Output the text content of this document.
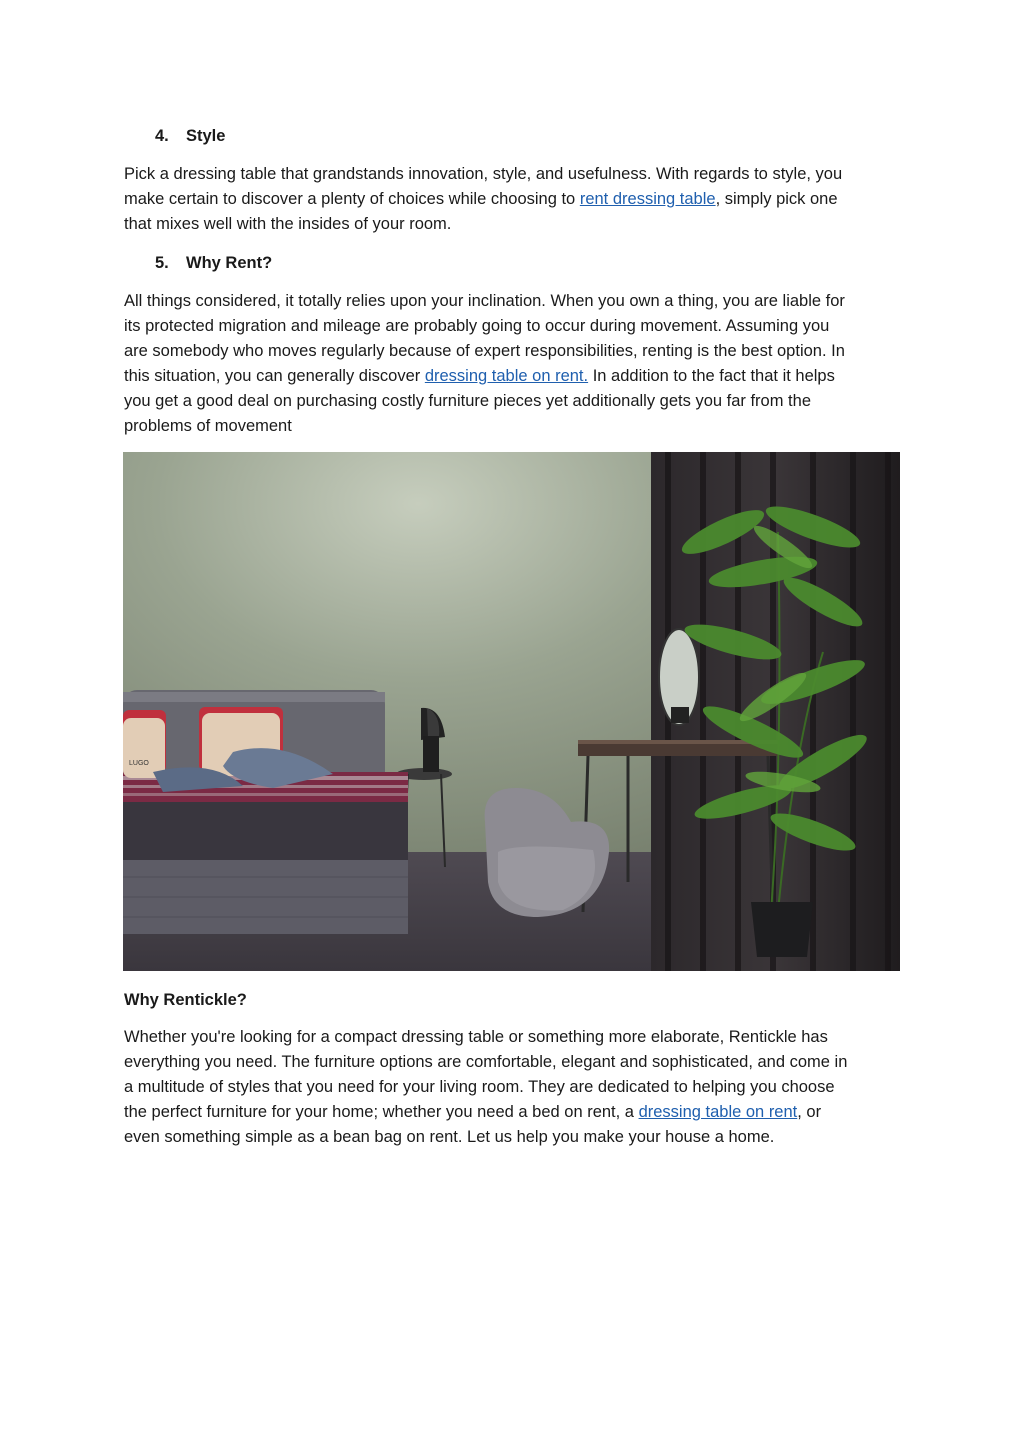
4. Style

Pick a dressing table that grandstands innovation, style, and usefulness. With regards to style, you
make certain to discover a plenty of choices while choosing to rent dressing table, simply pick one
that mixes well with the insides of your room.

5. Why Rent?

All things considered, it totally relies upon your inclination. When you own a thing, you are liable for
its protected migration and mileage are probably going to occur during movement. Assuming you
are somebody who moves regularly because of expert responsibilities, renting is the best option. In
this situation, you can generally discover dressing table on rent. In addition to the fact that it helps
you get a good deal on purchasing costly furniture pieces yet additionally gets you far from the
problems of movement

LUGO
Why Rentickle?

Whether you're looking for a compact dressing table or something more elaborate, Rentickle has
everything you need. The furniture options are comfortable, elegant and sophisticated, and come in
a multitude of styles that you need for your living room. They are dedicated to helping you choose
the perfect furniture for your home; whether you need a bed on rent, a dressing table on rent, or
even something simple as a bean bag on rent. Let us help you make your house a home.
